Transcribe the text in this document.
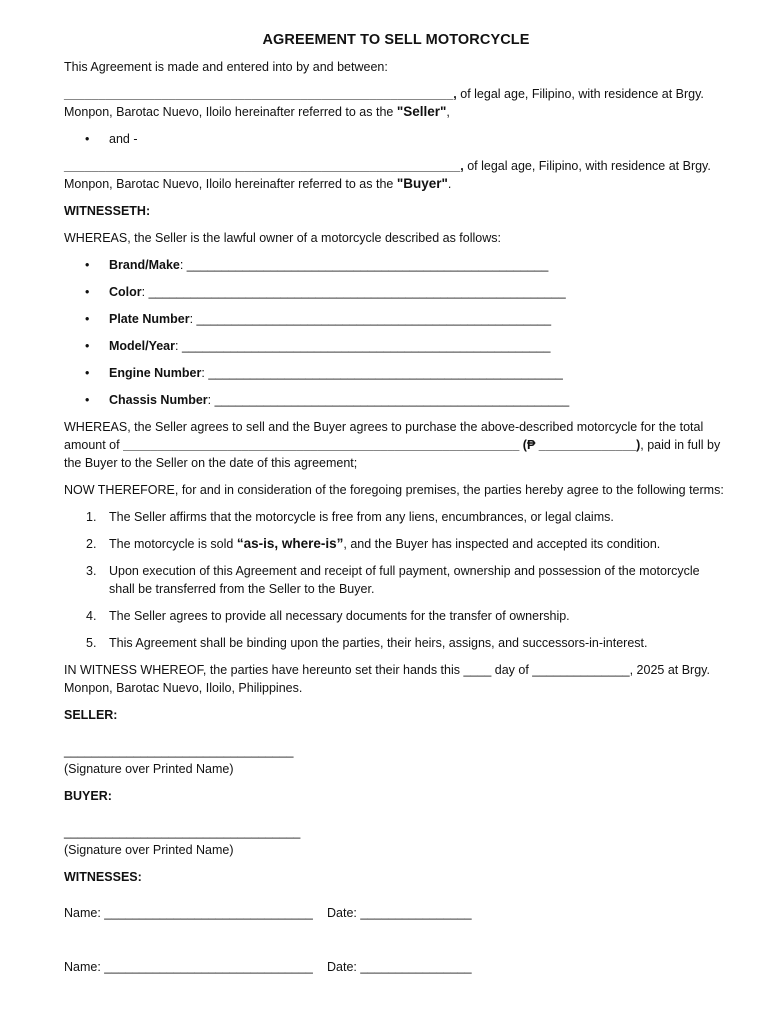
AGREEMENT TO SELL MOTORCYCLE

This Agreement is made and entered into by and between:

________________________________________________________, of legal age, Filipino, with residence at Brgy. Monpon, Barotac Nuevo, Iloilo hereinafter referred to as the "Seller",

• and -

_________________________________________________________, of legal age, Filipino, with residence at Brgy. Monpon, Barotac Nuevo, Iloilo hereinafter referred to as the "Buyer".

WITNESSETH:

WHEREAS, the Seller is the lawful owner of a motorcycle described as follows:

• Brand/Make: ____________________________________________________
• Color: ____________________________________________________________
• Plate Number: ___________________________________________________
• Model/Year: _____________________________________________________
• Engine Number: ___________________________________________________
• Chassis Number: ___________________________________________________

WHEREAS, the Seller agrees to sell and the Buyer agrees to purchase the above-described motorcycle for the total amount of _________________________________________________________ (₱ ______________), paid in full by the Buyer to the Seller on the date of this agreement;

NOW THEREFORE, for and in consideration of the foregoing premises, the parties hereby agree to the following terms:

1. The Seller affirms that the motorcycle is free from any liens, encumbrances, or legal claims.
2. The motorcycle is sold “as-is, where-is”, and the Buyer has inspected and accepted its condition.
3. Upon execution of this Agreement and receipt of full payment, ownership and possession of the motorcycle shall be transferred from the Seller to the Buyer.
4. The Seller agrees to provide all necessary documents for the transfer of ownership.
5. This Agreement shall be binding upon the parties, their heirs, assigns, and successors-in-interest.

IN WITNESS WHEREOF, the parties have hereunto set their hands this ____ day of ______________, 2025 at Brgy. Monpon, Barotac Nuevo, Iloilo, Philippines.

SELLER:

_________________________________

(Signature over Printed Name)

BUYER:

__________________________________

(Signature over Printed Name)

WITNESSES:

Name: ______________________________ Date: ________________
Name: ______________________________ Date: ________________
